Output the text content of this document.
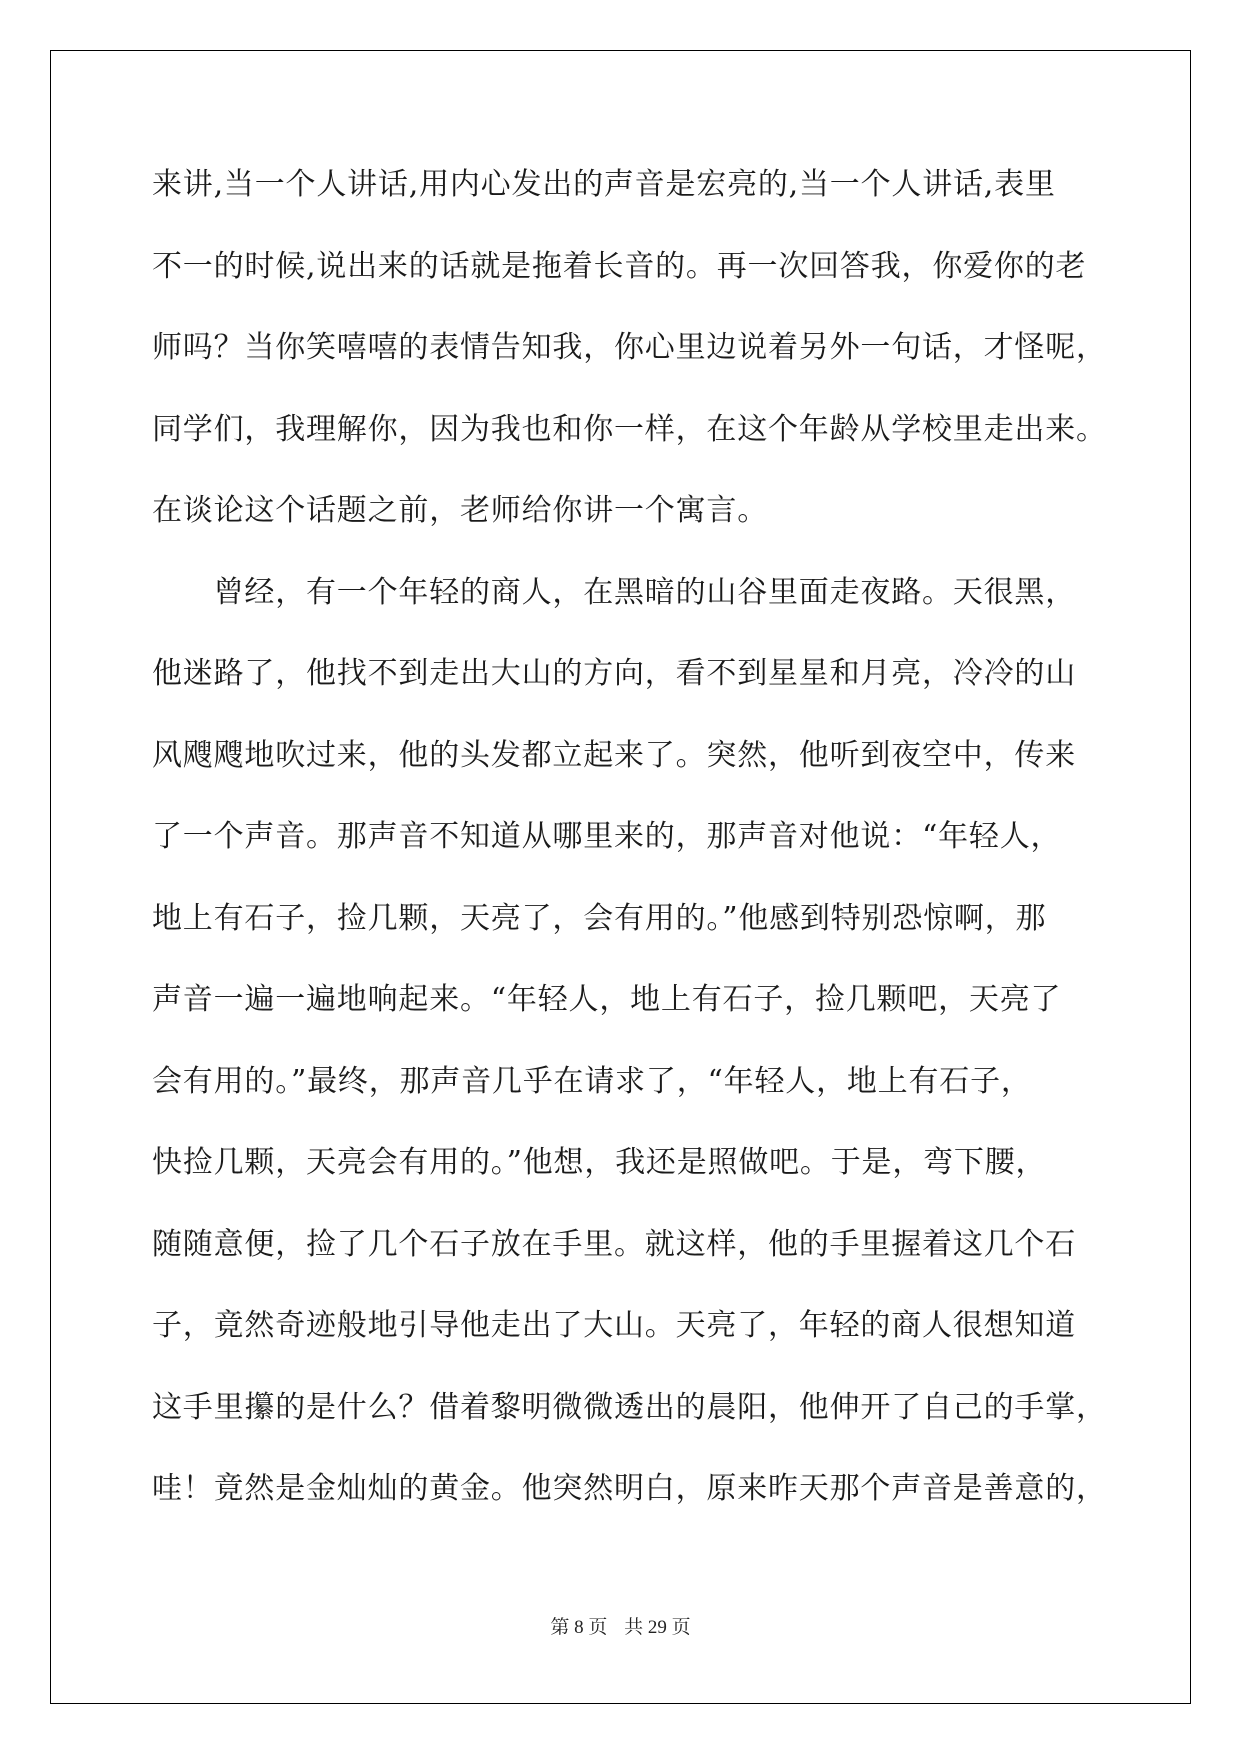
来讲,当一个人讲话,用内心发出的声音是宏亮的,当一个人讲话,表里
不一的时候,说出来的话就是拖着长音的。再一次回答我，你爱你的老
师吗？当你笑嘻嘻的表情告知我，你心里边说着另外一句话，才怪呢，
同学们，我理解你，因为我也和你一样，在这个年龄从学校里走出来。
在谈论这个话题之前，老师给你讲一个寓言。
　　曾经，有一个年轻的商人，在黑暗的山谷里面走夜路。天很黑，
他迷路了，他找不到走出大山的方向，看不到星星和月亮，冷冷的山
风飕飕地吹过来，他的头发都立起来了。突然，他听到夜空中，传来
了一个声音。那声音不知道从哪里来的，那声音对他说：“年轻人，
地上有石子，捡几颗，天亮了，会有用的。”他感到特别恐惊啊，那
声音一遍一遍地响起来。“年轻人，地上有石子，捡几颗吧，天亮了
会有用的。”最终，那声音几乎在请求了，“年轻人，地上有石子，
快捡几颗，天亮会有用的。”他想，我还是照做吧。于是，弯下腰，
随随意便，捡了几个石子放在手里。就这样，他的手里握着这几个石
子，竟然奇迹般地引导他走出了大山。天亮了，年轻的商人很想知道
这手里攥的是什么？借着黎明微微透出的晨阳，他伸开了自己的手掌，
哇！竟然是金灿灿的黄金。他突然明白，原来昨天那个声音是善意的，
第 8 页 共 29 页
